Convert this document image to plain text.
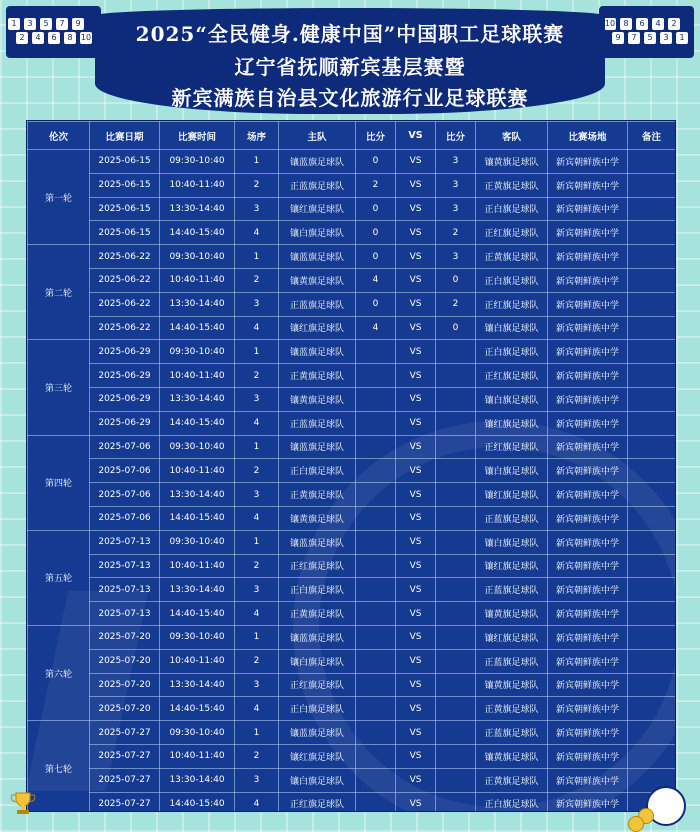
1
2
3
4
5
6
7
8
9
10
10
9
8
7
6
5
4
3
2
1
2025“全民健身.健康中国”中国职工足球联赛
辽宁省抚顺新宾基层赛暨
新宾满族自治县文化旅游行业足球联赛
伦次	比赛日期	比赛时间	场序	主队	比分	VS	比分	客队	比赛场地	备注
第一轮	2025-06-15	09:30-10:40	1	镶蓝旗足球队	0	VS	3	镶黄旗足球队	新宾朝鲜族中学	
	2025-06-15	10:40-11:40	2	正蓝旗足球队	2	VS	3	正黄旗足球队	新宾朝鲜族中学	
	2025-06-15	13:30-14:40	3	镶红旗足球队	0	VS	3	正白旗足球队	新宾朝鲜族中学	
	2025-06-15	14:40-15:40	4	镶白旗足球队	0	VS	2	正红旗足球队	新宾朝鲜族中学	
第二轮	2025-06-22	09:30-10:40	1	镶蓝旗足球队	0	VS	3	正黄旗足球队	新宾朝鲜族中学	
	2025-06-22	10:40-11:40	2	镶黄旗足球队	4	VS	0	正白旗足球队	新宾朝鲜族中学	
	2025-06-22	13:30-14:40	3	正蓝旗足球队	0	VS	2	正红旗足球队	新宾朝鲜族中学	
	2025-06-22	14:40-15:40	4	镶红旗足球队	4	VS	0	镶白旗足球队	新宾朝鲜族中学	
第三轮	2025-06-29	09:30-10:40	1	镶蓝旗足球队		VS		正白旗足球队	新宾朝鲜族中学	
	2025-06-29	10:40-11:40	2	正黄旗足球队		VS		正红旗足球队	新宾朝鲜族中学	
	2025-06-29	13:30-14:40	3	镶黄旗足球队		VS		镶白旗足球队	新宾朝鲜族中学	
	2025-06-29	14:40-15:40	4	正蓝旗足球队		VS		镶红旗足球队	新宾朝鲜族中学	
第四轮	2025-07-06	09:30-10:40	1	镶蓝旗足球队		VS		正红旗足球队	新宾朝鲜族中学	
	2025-07-06	10:40-11:40	2	正白旗足球队		VS		镶白旗足球队	新宾朝鲜族中学	
	2025-07-06	13:30-14:40	3	正黄旗足球队		VS		镶红旗足球队	新宾朝鲜族中学	
	2025-07-06	14:40-15:40	4	镶黄旗足球队		VS		正蓝旗足球队	新宾朝鲜族中学	
第五轮	2025-07-13	09:30-10:40	1	镶蓝旗足球队		VS		镶白旗足球队	新宾朝鲜族中学	
	2025-07-13	10:40-11:40	2	正红旗足球队		VS		镶红旗足球队	新宾朝鲜族中学	
	2025-07-13	13:30-14:40	3	正白旗足球队		VS		正蓝旗足球队	新宾朝鲜族中学	
	2025-07-13	14:40-15:40	4	正黄旗足球队		VS		镶黄旗足球队	新宾朝鲜族中学	
第六轮	2025-07-20	09:30-10:40	1	镶蓝旗足球队		VS		镶红旗足球队	新宾朝鲜族中学	
	2025-07-20	10:40-11:40	2	镶白旗足球队		VS		正蓝旗足球队	新宾朝鲜族中学	
	2025-07-20	13:30-14:40	3	正红旗足球队		VS		镶黄旗足球队	新宾朝鲜族中学	
	2025-07-20	14:40-15:40	4	正白旗足球队		VS		正黄旗足球队	新宾朝鲜族中学	
第七轮	2025-07-27	09:30-10:40	1	镶蓝旗足球队		VS		正蓝旗足球队	新宾朝鲜族中学	
	2025-07-27	10:40-11:40	2	镶红旗足球队		VS		镶黄旗足球队	新宾朝鲜族中学	
	2025-07-27	13:30-14:40	3	镶白旗足球队		VS		正黄旗足球队	新宾朝鲜族中学	
	2025-07-27	14:40-15:40	4	正红旗足球队		VS		正白旗足球队	新宾朝鲜族中学	
